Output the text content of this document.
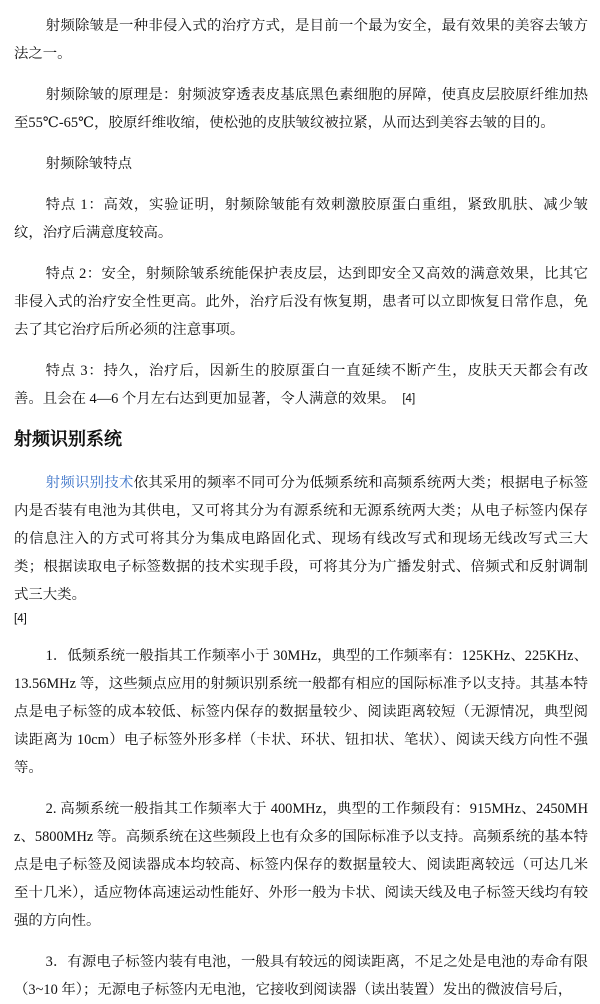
射频除皱是一种非侵入式的治疗方式，是目前一个最为安全，最有效果的美容去皱方法之一。

射频除皱的原理是：射频波穿透表皮基底黑色素细胞的屏障，使真皮层胶原纤维加热至55℃-65℃，胶原纤维收缩，使松弛的皮肤皱纹被拉紧，从而达到美容去皱的目的。

射频除皱特点

特点 1：高效，实验证明，射频除皱能有效刺激胶原蛋白重组，紧致肌肤、减少皱纹，治疗后满意度较高。

特点 2：安全，射频除皱系统能保护表皮层，达到即安全又高效的满意效果，比其它非侵入式的治疗安全性更高。此外，治疗后没有恢复期，患者可以立即恢复日常作息，免去了其它治疗后所必须的注意事项。

特点 3：持久，治疗后，因新生的胶原蛋白一直延续不断产生，皮肤天天都会有改善。且会在 4—6 个月左右达到更加显著，令人满意的效果。 [4]

射频识别系统

射频识别技术依其采用的频率不同可分为低频系统和高频系统两大类；根据电子标签内是否装有电池为其供电，又可将其分为有源系统和无源系统两大类；从电子标签内保存的信息注入的方式可将其分为集成电路固化式、现场有线改写式和现场无线改写式三大类；根据读取电子标签数据的技术实现手段，可将其分为广播发射式、倍频式和反射调制式三大类。
[4]

1．低频系统一般指其工作频率小于 30MHz，典型的工作频率有：125KHz、225KHz、13.56MHz 等，这些频点应用的射频识别系统一般都有相应的国际标准予以支持。其基本特点是电子标签的成本较低、标签内保存的数据量较少、阅读距离较短（无源情况，典型阅读距离为 10cm）电子标签外形多样（卡状、环状、钮扣状、笔状）、阅读天线方向性不强等。

2. 高频系统一般指其工作频率大于 400MHz，典型的工作频段有：915MHz、2450MHz、5800MHz 等。高频系统在这些频段上也有众多的国际标准予以支持。高频系统的基本特点是电子标签及阅读器成本均较高、标签内保存的数据量较大、阅读距离较远（可达几米至十几米），适应物体高速运动性能好、外形一般为卡状、阅读天线及电子标签天线均有较强的方向性。

3．有源电子标签内装有电池，一般具有较远的阅读距离，不足之处是电池的寿命有限（3~10 年）；无源电子标签内无电池，它接收到阅读器（读出装置）发出的微波信号后，
